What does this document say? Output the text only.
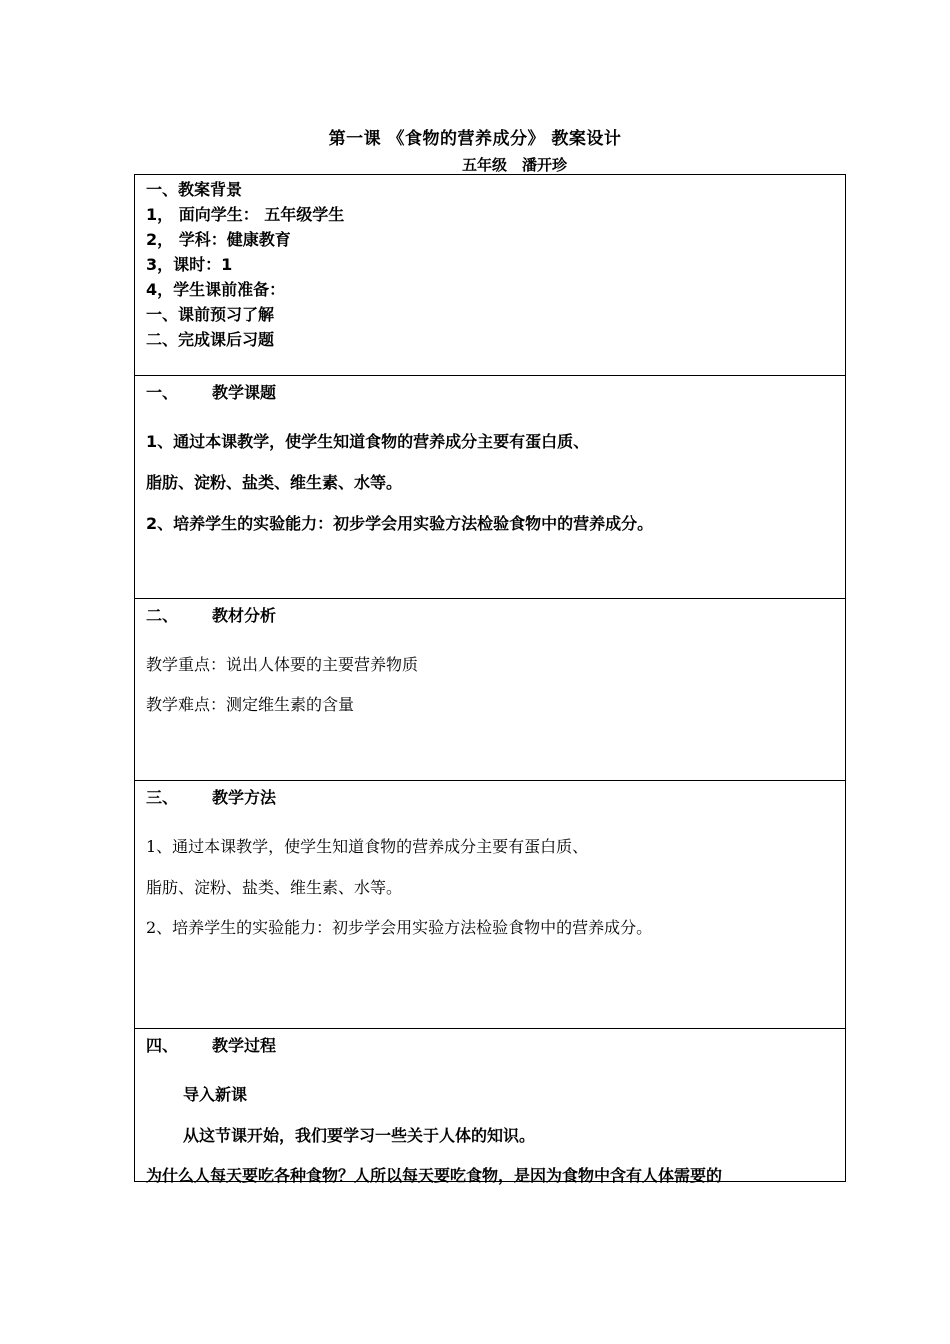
第一课 《食物的营养成分》 教案设计
五年级　潘开珍
一、教案背景
1， 面向学生： 五年级学生
2， 学科：健康教育
3，课时：1
4，学生课前准备：
一、课前预习了解
二、完成课后习题
一、 教学课题
1、通过本课教学，使学生知道食物的营养成分主要有蛋白质、
脂肪、淀粉、盐类、维生素、水等。
2、培养学生的实验能力：初步学会用实验方法检验食物中的营养成分。
二、 教材分析
教学重点：说出人体要的主要营养物质
教学难点：测定维生素的含量
三、 教学方法
1、通过本课教学，使学生知道食物的营养成分主要有蛋白质、
脂肪、淀粉、盐类、维生素、水等。
2、培养学生的实验能力：初步学会用实验方法检验食物中的营养成分。
四、 教学过程
导入新课
从这节课开始，我们要学习一些关于人体的知识。
为什么人每天要吃各种食物？人所以每天要吃食物，是因为食物中含有人体需要的
